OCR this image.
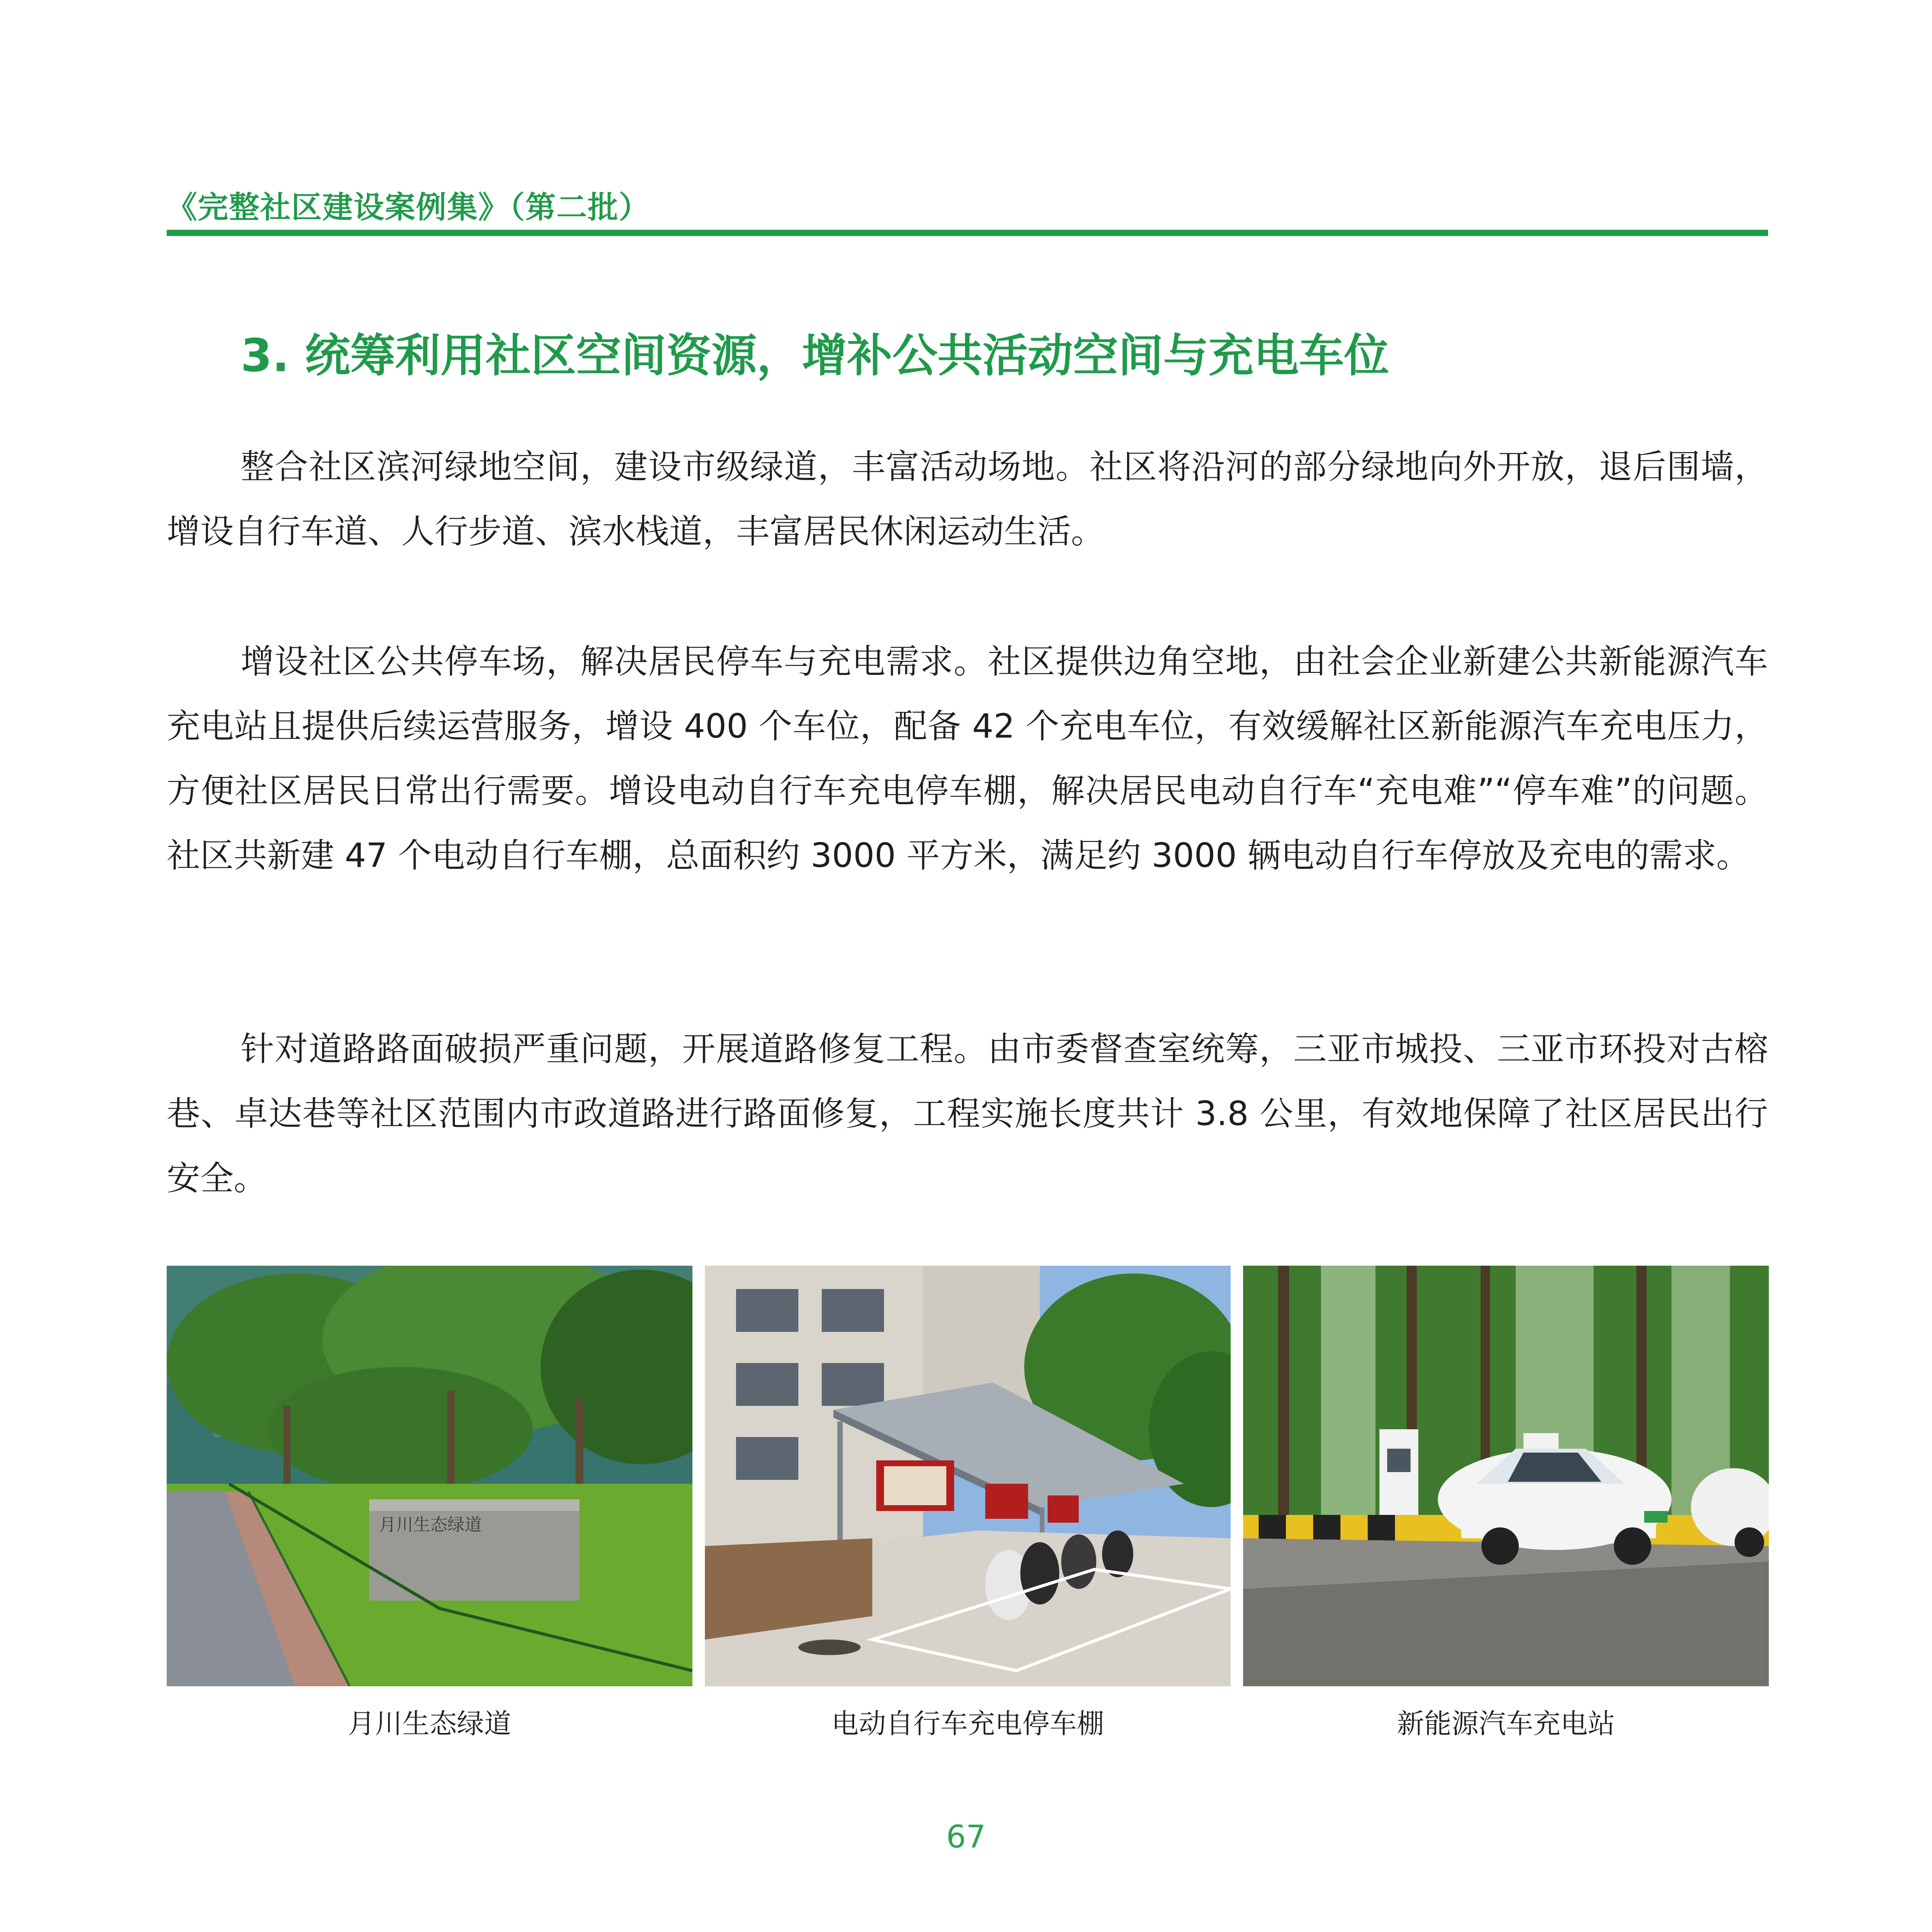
《完整社区建设案例集》（第二批）
3. 统筹利用社区空间资源，增补公共活动空间与充电车位

整合社区滨河绿地空间，建设市级绿道，丰富活动场地。社区将沿河的部分绿地向外开放，退后围墙，增设自行车道、人行步道、滨水栈道，丰富居民休闲运动生活。

增设社区公共停车场，解决居民停车与充电需求。社区提供边角空地，由社会企业新建公共新能源汽车充电站且提供后续运营服务，增设 400 个车位，配备 42 个充电车位，有效缓解社区新能源汽车充电压力，方便社区居民日常出行需要。增设电动自行车充电停车棚，解决居民电动自行车“充电难”“停车难”的问题。社区共新建 47 个电动自行车棚，总面积约 3000 平方米，满足约 3000 辆电动自行车停放及充电的需求。

针对道路路面破损严重问题，开展道路修复工程。由市委督查室统筹，三亚市城投、三亚市环投对古榕巷、卓达巷等社区范围内市政道路进行路面修复，工程实施长度共计 3.8 公里，有效地保障了社区居民出行安全。

月川生态绿道
月川生态绿道	电动自行车充电停车棚	新能源汽车充电站
67
